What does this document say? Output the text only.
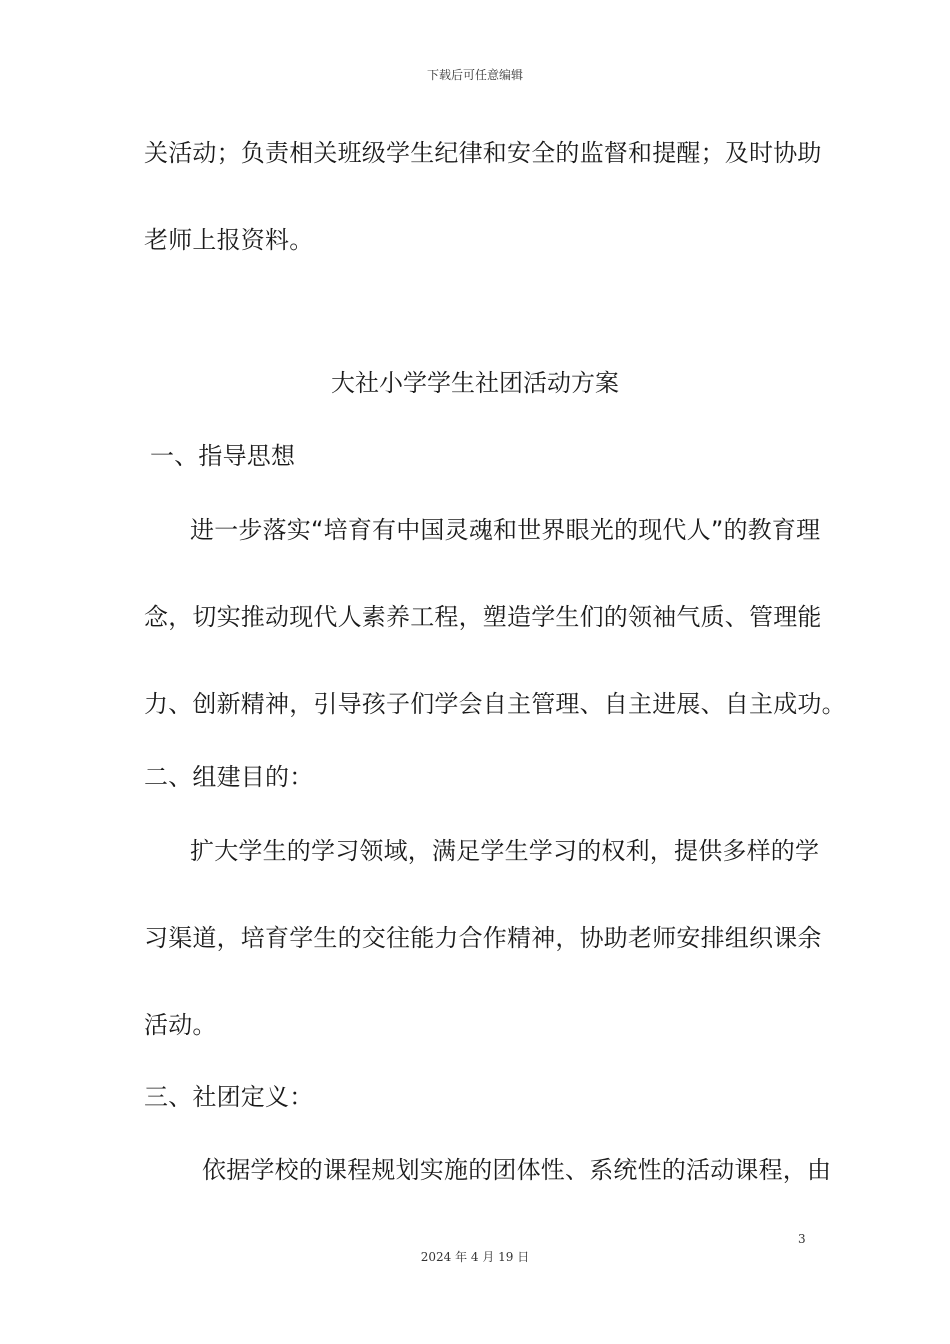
下载后可任意编辑
关活动；负责相关班级学生纪律和安全的监督和提醒；及时协助
老师上报资料。
大社小学学生社团活动方案
一、指导思想
进一步落实“培育有中国灵魂和世界眼光的现代人”的教育理
念，切实推动现代人素养工程，塑造学生们的领袖气质、管理能
力、创新精神，引导孩子们学会自主管理、自主进展、自主成功。
二、组建目的：
扩大学生的学习领域，满足学生学习的权利，提供多样的学
习渠道，培育学生的交往能力合作精神，协助老师安排组织课余
活动。
三、社团定义：
依据学校的课程规划实施的团体性、系统性的活动课程，由
3
2024 年 4 月 19 日
